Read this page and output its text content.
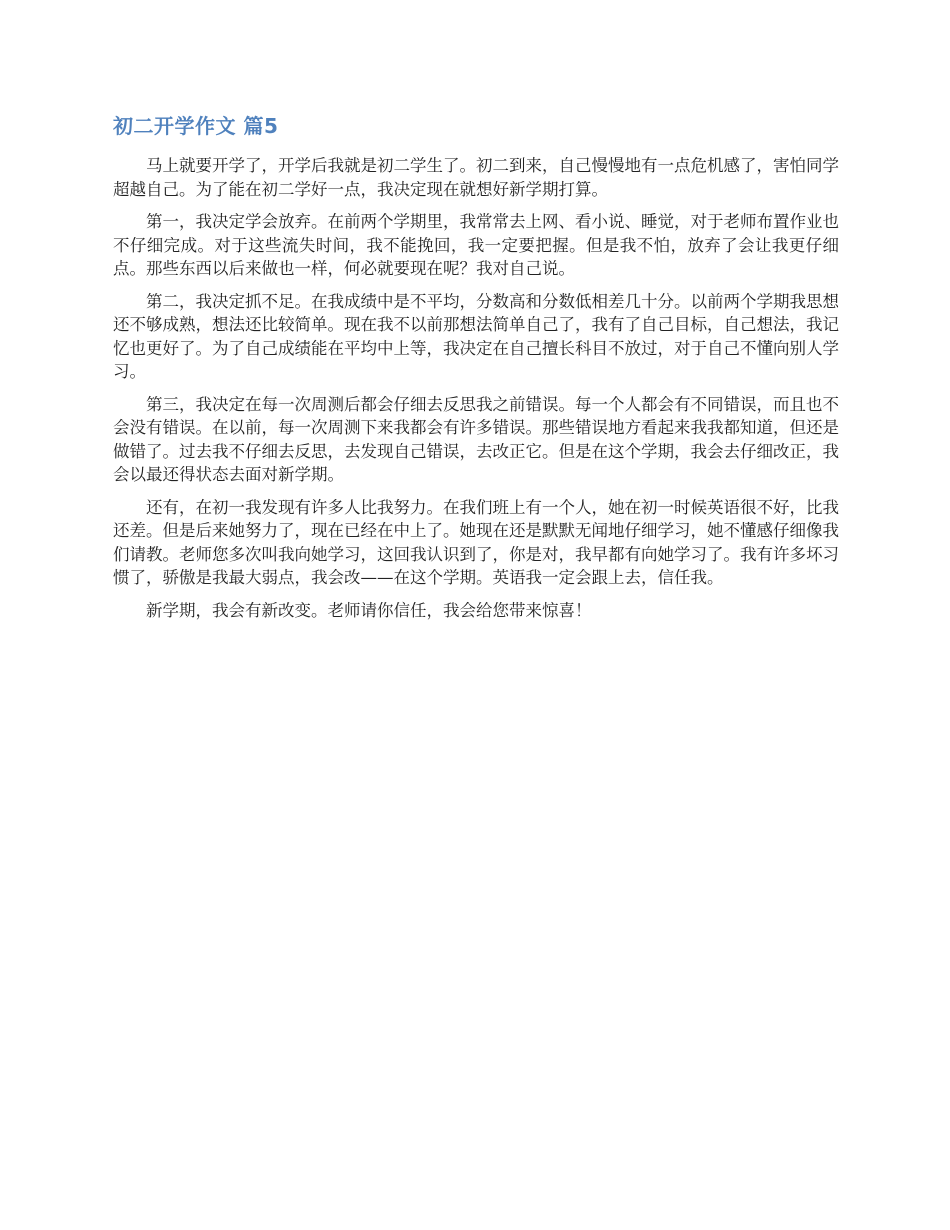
初二开学作文 篇5

马上就要开学了，开学后我就是初二学生了。初二到来，自己慢慢地有一点危机感了，害怕同学超越自己。为了能在初二学好一点，我决定现在就想好新学期打算。

第一，我决定学会放弃。在前两个学期里，我常常去上网、看小说、睡觉，对于老师布置作业也不仔细完成。对于这些流失时间，我不能挽回，我一定要把握。但是我不怕，放弃了会让我更仔细点。那些东西以后来做也一样，何必就要现在呢？我对自己说。

第二，我决定抓不足。在我成绩中是不平均，分数高和分数低相差几十分。以前两个学期我思想还不够成熟，想法还比较简单。现在我不以前那想法简单自己了，我有了自己目标，自己想法，我记忆也更好了。为了自己成绩能在平均中上等，我决定在自己擅长科目不放过，对于自己不懂向别人学习。

第三，我决定在每一次周测后都会仔细去反思我之前错误。每一个人都会有不同错误，而且也不会没有错误。在以前，每一次周测下来我都会有许多错误。那些错误地方看起来我我都知道，但还是做错了。过去我不仔细去反思，去发现自己错误，去改正它。但是在这个学期，我会去仔细改正，我会以最还得状态去面对新学期。

还有，在初一我发现有许多人比我努力。在我们班上有一个人，她在初一时候英语很不好，比我还差。但是后来她努力了，现在已经在中上了。她现在还是默默无闻地仔细学习，她不懂感仔细像我们请教。老师您多次叫我向她学习，这回我认识到了，你是对，我早都有向她学习了。我有许多坏习惯了，骄傲是我最大弱点，我会改——在这个学期。英语我一定会跟上去，信任我。

新学期，我会有新改变。老师请你信任，我会给您带来惊喜！
